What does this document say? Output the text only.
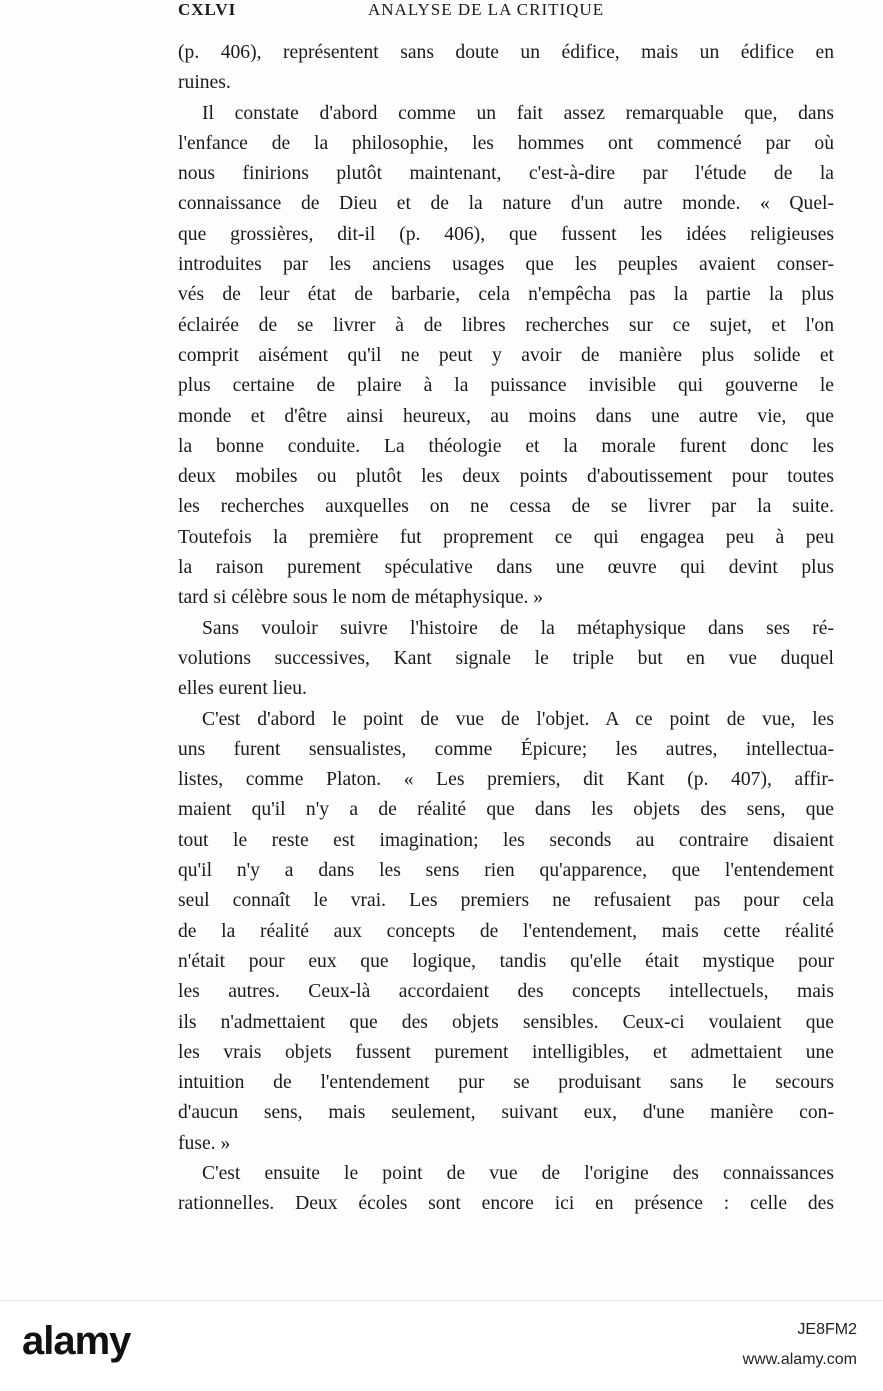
CXLVI	ANALYSE DE LA CRITIQUE
(p. 406), représentent sans doute un édifice, mais un édifice en
ruines.
Il constate d'abord comme un fait assez remarquable que, dans
l'enfance de la philosophie, les hommes ont commencé par où
nous finirions plutôt maintenant, c'est-à-dire par l'étude de la
connaissance de Dieu et de la nature d'un autre monde. « Quel-
que grossières, dit-il (p. 406), que fussent les idées religieuses
introduites par les anciens usages que les peuples avaient conser-
vés de leur état de barbarie, cela n'empêcha pas la partie la plus
éclairée de se livrer à de libres recherches sur ce sujet, et l'on
comprit aisément qu'il ne peut y avoir de manière plus solide et
plus certaine de plaire à la puissance invisible qui gouverne le
monde et d'être ainsi heureux, au moins dans une autre vie, que
la bonne conduite. La théologie et la morale furent donc les
deux mobiles ou plutôt les deux points d'aboutissement pour toutes
les recherches auxquelles on ne cessa de se livrer par la suite.
Toutefois la première fut proprement ce qui engagea peu à peu
la raison purement spéculative dans une œuvre qui devint plus
tard si célèbre sous le nom de métaphysique. »
Sans vouloir suivre l'histoire de la métaphysique dans ses ré-
volutions successives, Kant signale le triple but en vue duquel
elles eurent lieu.
C'est d'abord le point de vue de l'objet. A ce point de vue, les
uns furent sensualistes, comme Épicure; les autres, intellectua-
listes, comme Platon. « Les premiers, dit Kant (p. 407), affir-
maient qu'il n'y a de réalité que dans les objets des sens, que
tout le reste est imagination; les seconds au contraire disaient
qu'il n'y a dans les sens rien qu'apparence, que l'entendement
seul connaît le vrai. Les premiers ne refusaient pas pour cela
de la réalité aux concepts de l'entendement, mais cette réalité
n'était pour eux que logique, tandis qu'elle était mystique pour
les autres. Ceux-là accordaient des concepts intellectuels, mais
ils n'admettaient que des objets sensibles. Ceux-ci voulaient que
les vrais objets fussent purement intelligibles, et admettaient une
intuition de l'entendement pur se produisant sans le secours
d'aucun sens, mais seulement, suivant eux, d'une manière con-
fuse. »
C'est ensuite le point de vue de l'origine des connaissances
rationnelles. Deux écoles sont encore ici en présence : celle des
alamy	JE8FM2
www.alamy.com
